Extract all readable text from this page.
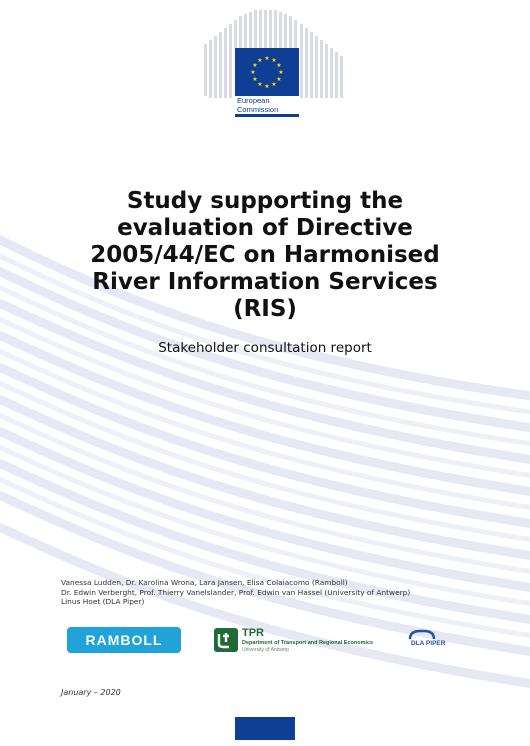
★ ★
★
★
★
★
★
★
★
★
★
★
European
Commission
Study supporting the
evaluation of Directive
2005/44/EC on Harmonised
River Information Services
(RIS)
Stakeholder consultation report
Vanessa Ludden, Dr. Karolina Wrona, Lara Jansen, Elisa Colaiacomo (Ramboll)
Dr. Edwin Verberght, Prof. Thierry Vanelslander, Prof. Edwin van Hassel (University of Antwerp)
Linus Hoet (DLA Piper)
RAMBOLL	TPR
Department of Transport and Regional Economics
University of Antwerp
DLA PIPER
January – 2020
